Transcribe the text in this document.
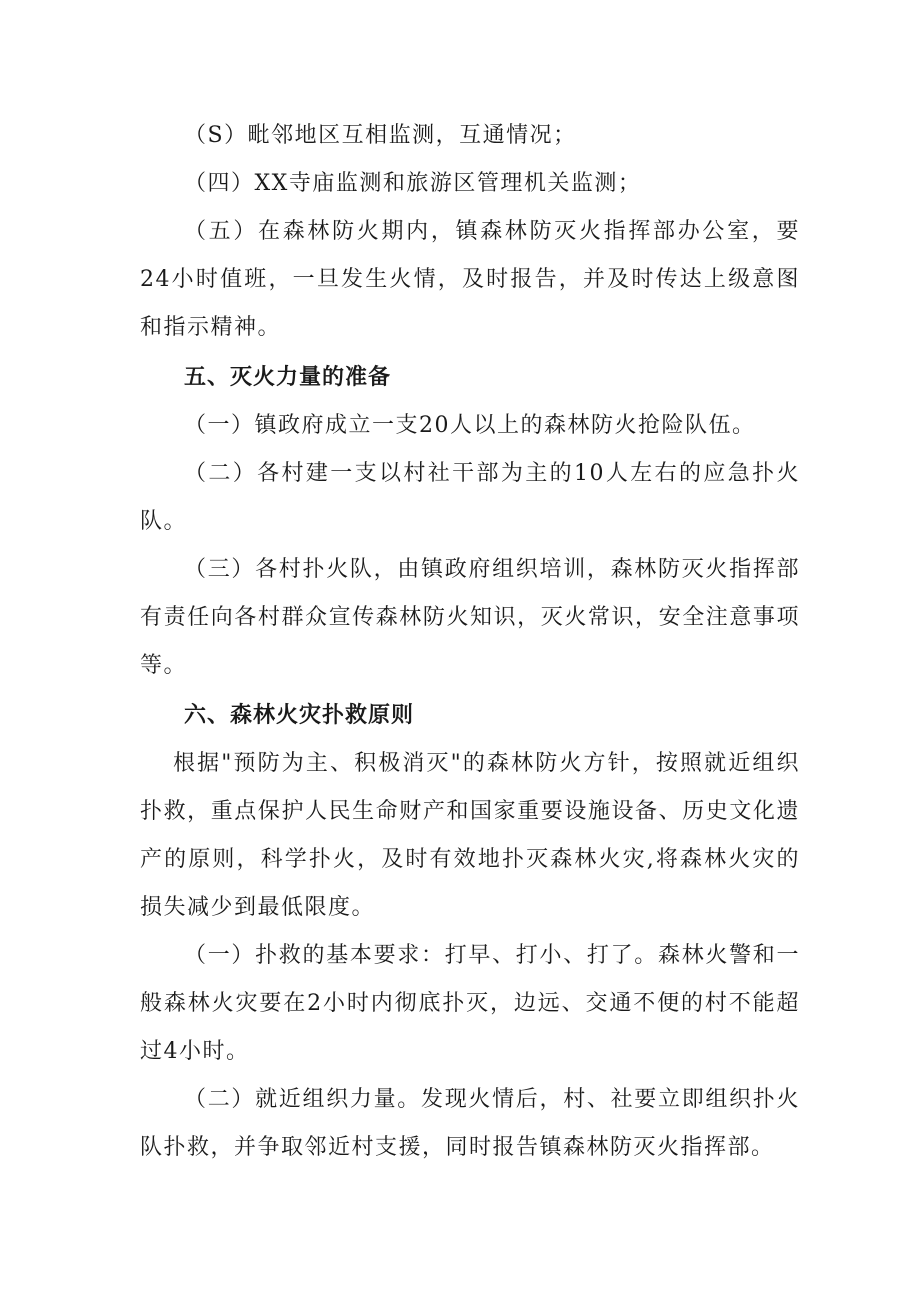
（S）毗邻地区互相监测，互通情况；

（四）XX寺庙监测和旅游区管理机关监测；

（五）在森林防火期内，镇森林防灭火指挥部办公室，要24小时值班，一旦发生火情，及时报告，并及时传达上级意图和指示精神。

五、灭火力量的准备

（一）镇政府成立一支20人以上的森林防火抢险队伍。

（二）各村建一支以村社干部为主的10人左右的应急扑火队。

（三）各村扑火队，由镇政府组织培训，森林防灭火指挥部有责任向各村群众宣传森林防火知识，灭火常识，安全注意事项等。

六、森林火灾扑救原则

根据"预防为主、积极消灭"的森林防火方针，按照就近组织扑救，重点保护人民生命财产和国家重要设施设备、历史文化遗产的原则，科学扑火，及时有效地扑灭森林火灾,将森林火灾的损失减少到最低限度。

（一）扑救的基本要求：打早、打小、打了。森林火警和一般森林火灾要在2小时内彻底扑灭，边远、交通不便的村不能超过4小时。

（二）就近组织力量。发现火情后，村、社要立即组织扑火队扑救，并争取邻近村支援，同时报告镇森林防灭火指挥部。
